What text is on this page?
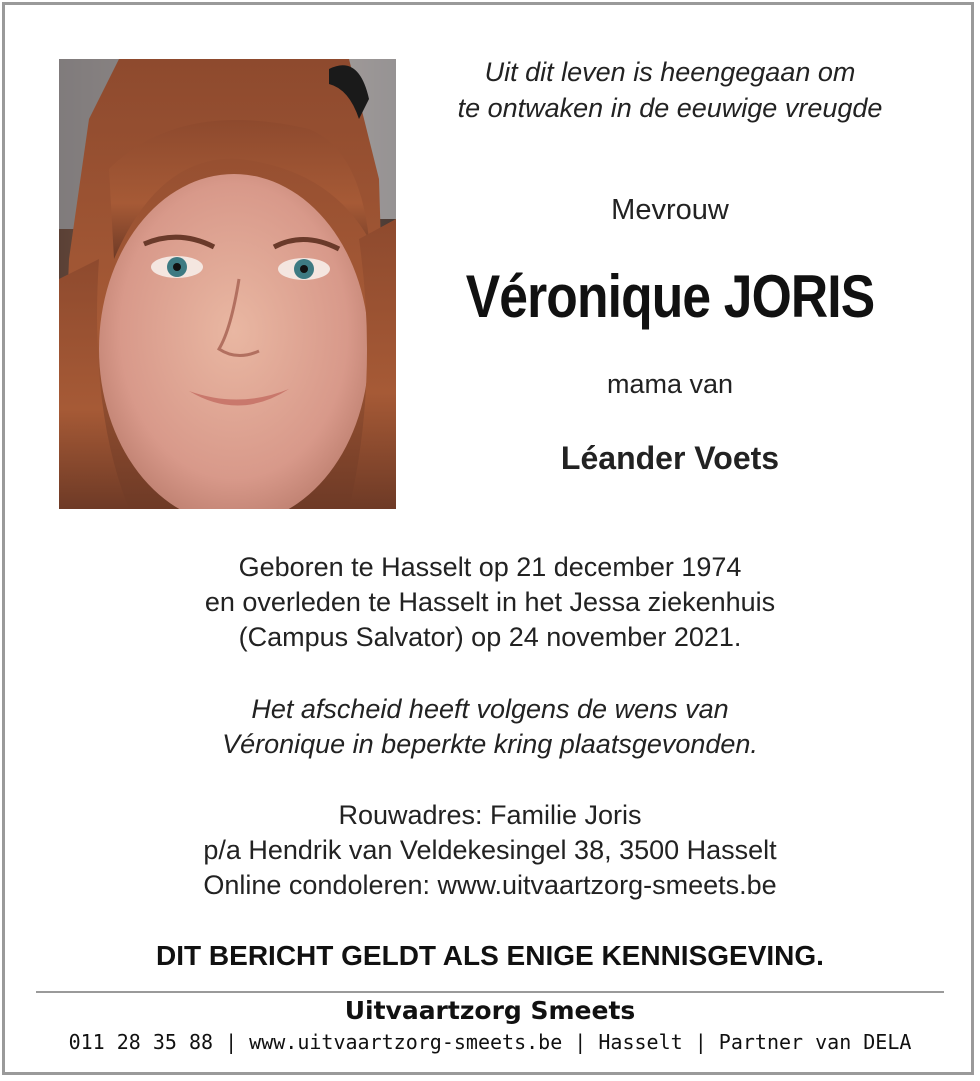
Uit dit leven is heengegaan om
te ontwaken in de eeuwige vreugde
Mevrouw
Véronique JORIS
mama van
Léander Voets
Geboren te Hasselt op 21 december 1974
en overleden te Hasselt in het Jessa ziekenhuis
(Campus Salvator) op 24 november 2021.
Het afscheid heeft volgens de wens van
Véronique in beperkte kring plaatsgevonden.
Rouwadres: Familie Joris
p/a Hendrik van Veldekesingel 38, 3500 Hasselt
Online condoleren: www.uitvaartzorg-smeets.be
DIT BERICHT GELDT ALS ENIGE KENNISGEVING.
Uitvaartzorg Smeets
011 28 35 88 | www.uitvaartzorg-smeets.be | Hasselt | Partner van DELA
